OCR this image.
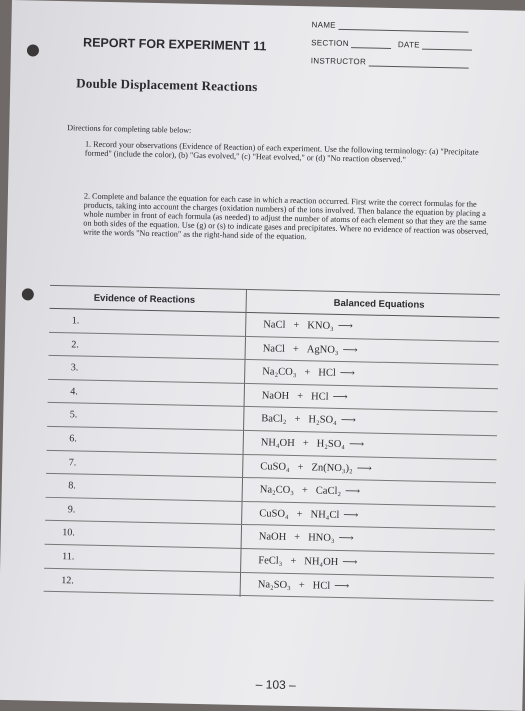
NAME
SECTION	DATE
INSTRUCTOR
REPORT FOR EXPERIMENT 11
Double Displacement Reactions
Directions for completing table below:
1. Record your observations (Evidence of Reaction) of each experiment. Use the following terminology: (a) "Precipitate formed" (include the color), (b) "Gas evolved," (c) "Heat evolved," or (d) "No reaction observed."
2. Complete and balance the equation for each case in which a reaction occurred. First write the correct formulas for the products, taking into account the charges (oxidation numbers) of the ions involved. Then balance the equation by placing a whole number in front of each formula (as needed) to adjust the number of atoms of each element so that they are the same on both sides of the equation. Use (g) or (s) to indicate gases and precipitates. Where no evidence of reaction was observed, write the words "No reaction" as the right-hand side of the equation.
Evidence of Reactions	Balanced Equations
1.	NaCl + KNO₃ ⟶
2.	NaCl + AgNO₃ ⟶
3.	Na₂CO₃ + HCl ⟶
4.	NaOH + HCl ⟶
5.	BaCl₂ + H₂SO₄ ⟶
6.	NH₄OH + H₂SO₄ ⟶
7.	CuSO₄ + Zn(NO₃)₂ ⟶
8.	Na₂CO₃ + CaCl₂ ⟶
9.	CuSO₄ + NH₄Cl ⟶
10.	NaOH + HNO₃ ⟶
11.	FeCl₃ + NH₄OH ⟶
12.	Na₂SO₃ + HCl ⟶
– 103 –
